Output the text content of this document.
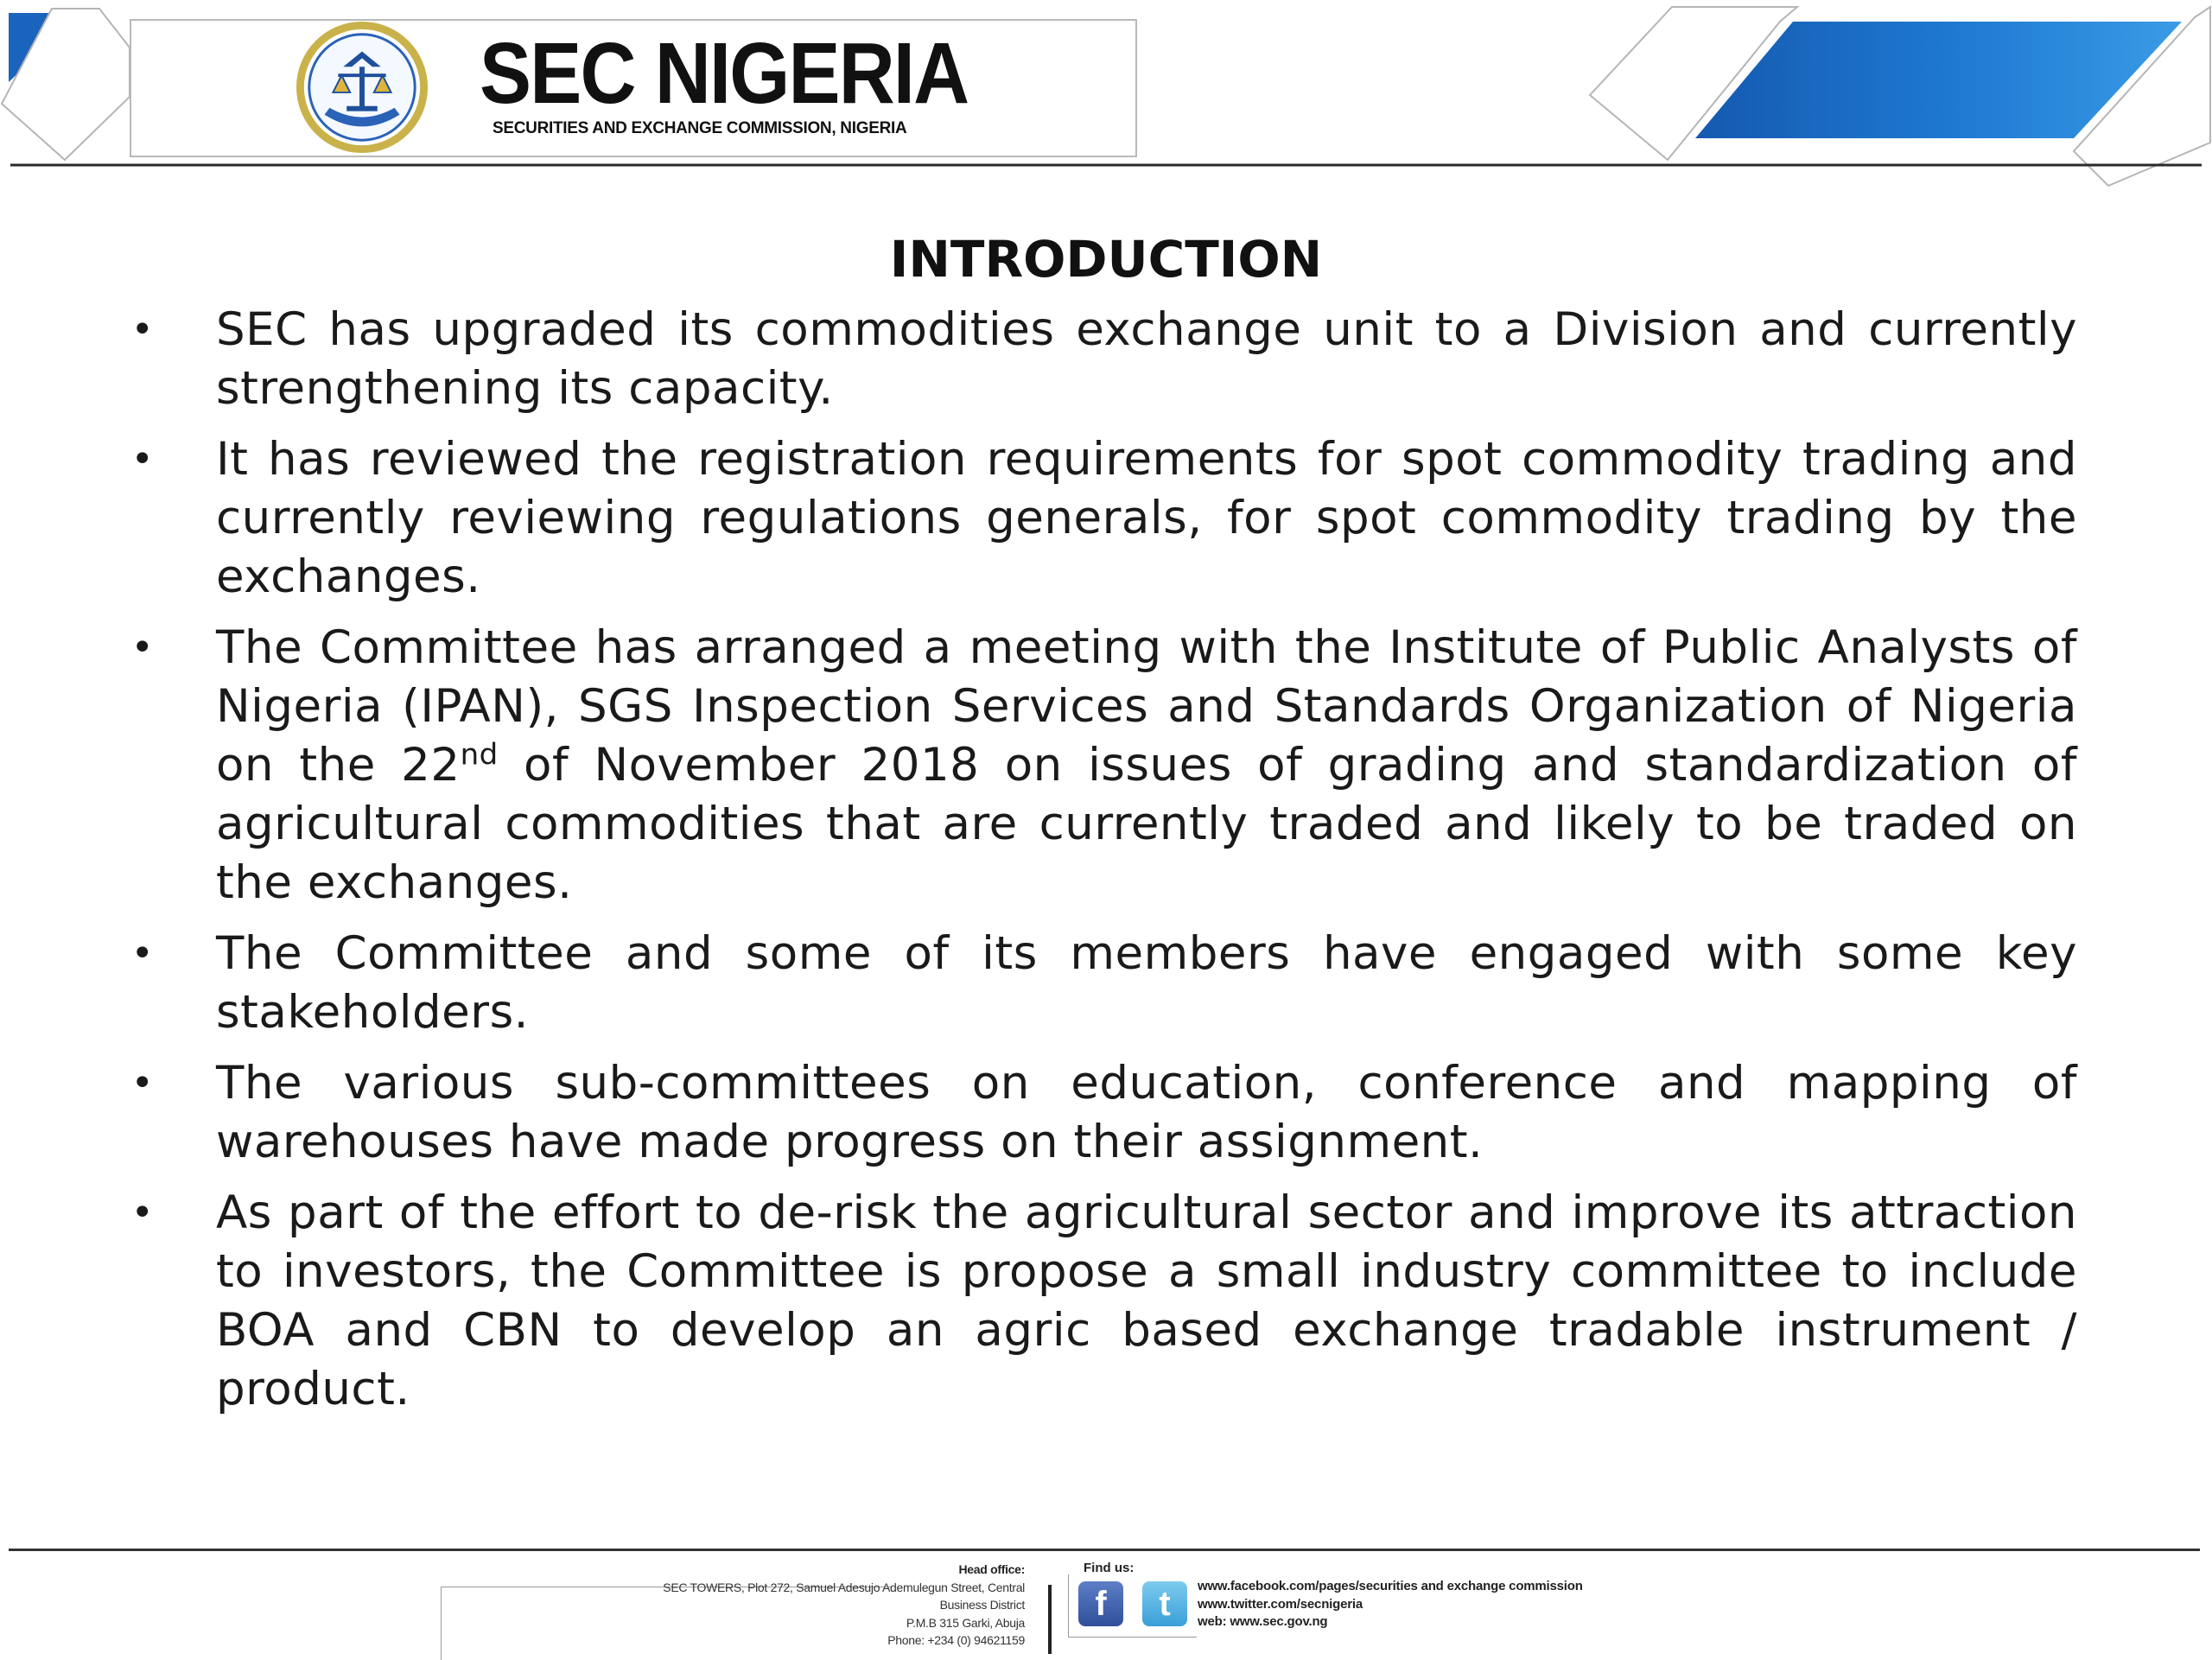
SEC NIGERIA
SECURITIES AND EXCHANGE COMMISSION, NIGERIA
INTRODUCTION
• SEC has upgraded its commodities exchange unit to a Division and currently strengthening its capacity.
• It has reviewed the registration requirements for spot commodity trading and currently reviewing regulations generals, for spot commodity trading by the exchanges.
• The Committee has arranged a meeting with the Institute of Public Analysts of Nigeria (IPAN), SGS Inspection Services and Standards Organization of Nigeria on the 22nd of November 2018 on issues of grading and standardization of agricultural commodities that are currently traded and likely to be traded on the exchanges.
• The Committee and some of its members have engaged with some key stakeholders.
• The various sub-committees on education, conference and mapping of warehouses have made progress on their assignment.
• As part of the effort to de-risk the agricultural sector and improve its attraction to investors, the Committee is propose a small industry committee to include BOA and CBN to develop an agric based exchange tradable instrument / product.
Head office:
SEC TOWERS, Plot 272, Samuel Adesujo Ademulegun Street, Central
Business District
P.M.B 315 Garki, Abuja
Phone: +234 (0) 94621159
Find us:
f	t	www.facebook.com/pages/securities and exchange commission
www.twitter.com/secnigeria
web: www.sec.gov.ng
